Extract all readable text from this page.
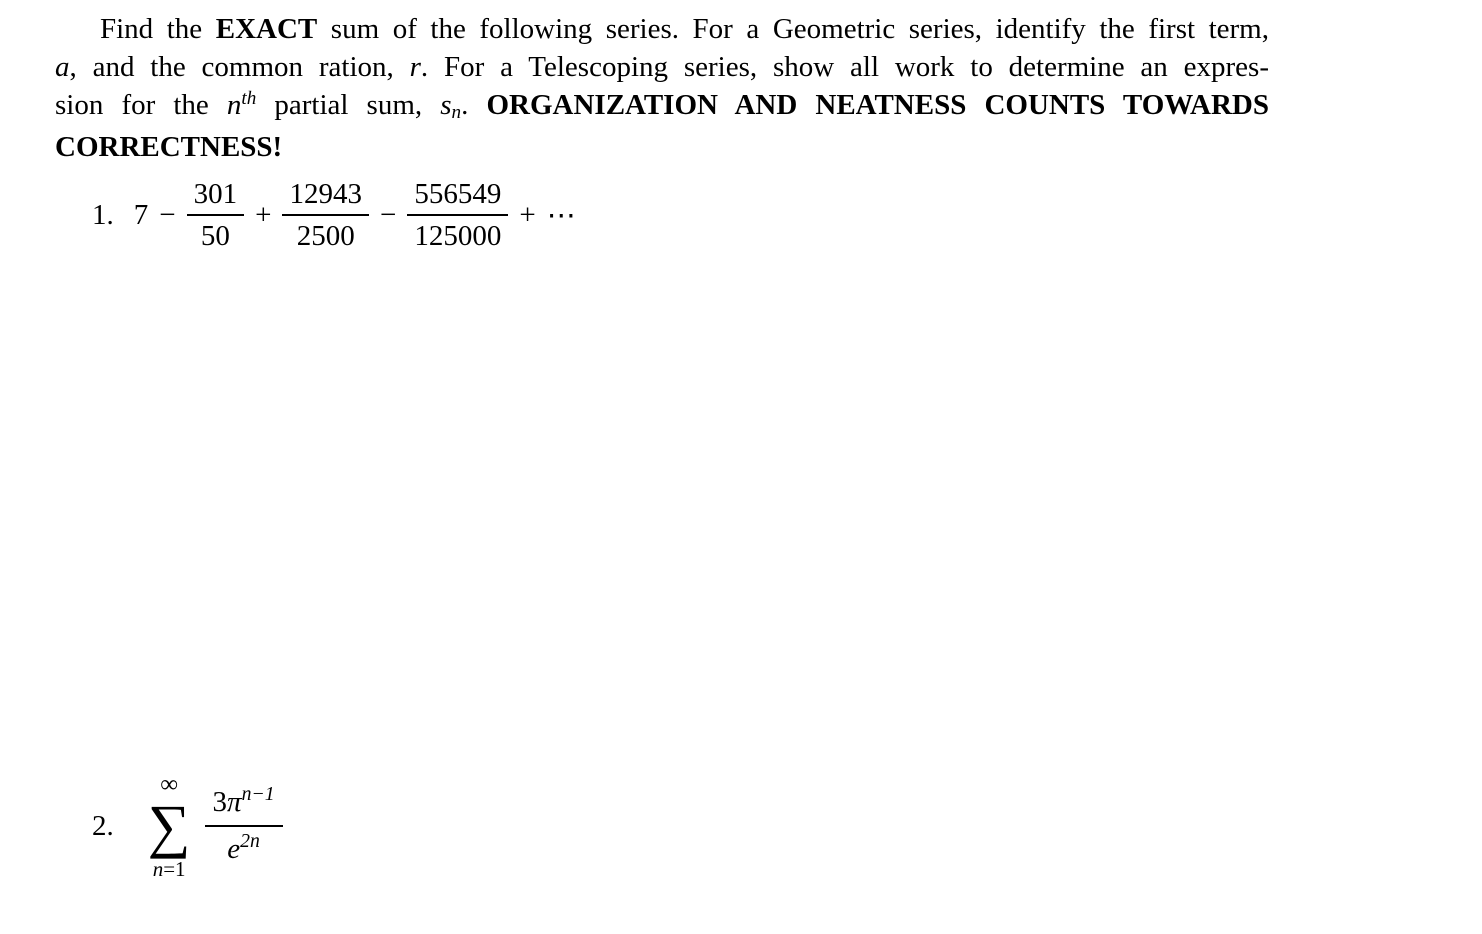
Find the EXACT sum of the following series. For a Geometric series, identify the first term,
a, and the common ration, r. For a Telescoping series, show all work to determine an expres-
sion for the $n^{th}$ partial sum, sn. ORGANIZATION AND NEATNESS COUNTS TOWARDS
CORRECTNESS!
1. $7 - \frac{301}{50} + \frac{12943}{2500} - \frac{556549}{125000}$ + ⋯
2.
∞
∑
n=1
$\frac{3\pi^{n-1}}{e^{2n}}$
